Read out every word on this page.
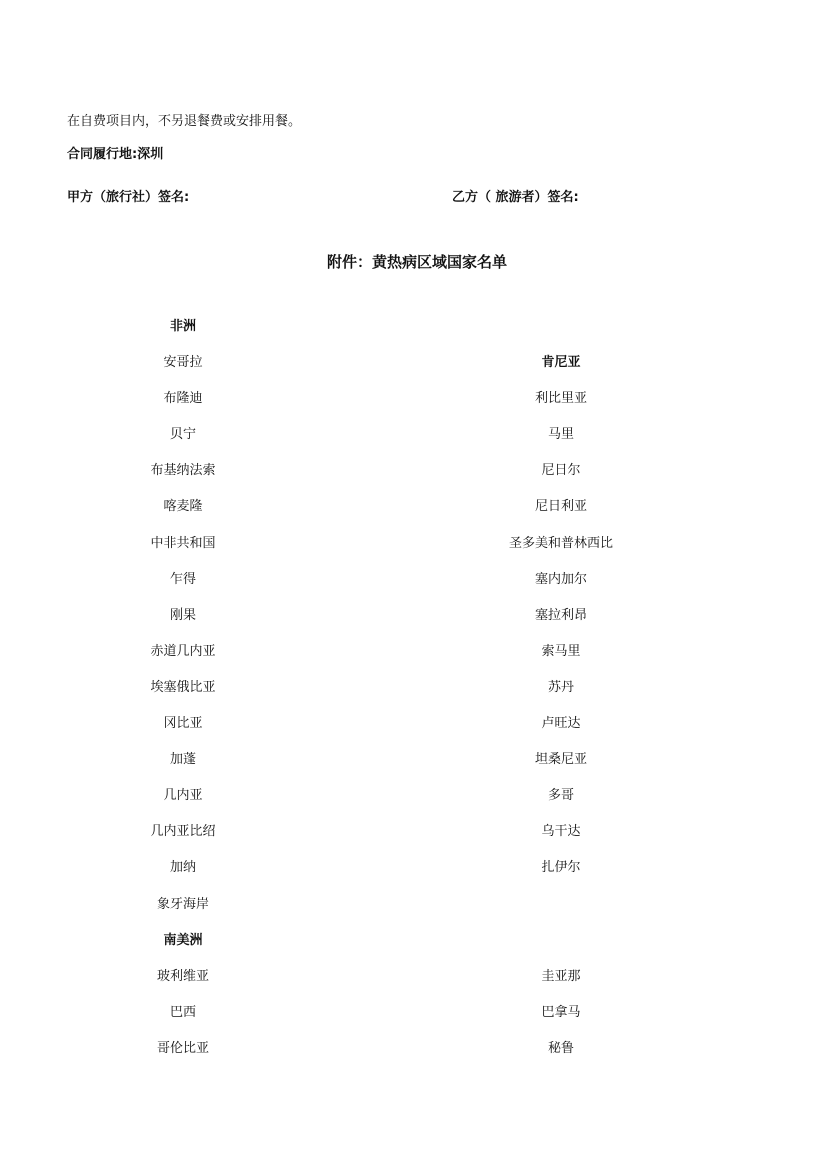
在自费项目内，不另退餐费或安排用餐。
合同履行地:深圳
甲方（旅行社）签名:	乙方（ 旅游者）签名:
附件：黄热病区域国家名单
非洲
安哥拉
布隆迪
贝宁
布基纳法索
喀麦隆
中非共和国
乍得
刚果
赤道几内亚
埃塞俄比亚
冈比亚
加蓬
几内亚
几内亚比绍
加纳
象牙海岸
南美洲
玻利维亚
巴西
哥伦比亚
肯尼亚
利比里亚
马里
尼日尔
尼日利亚
圣多美和普林西比
塞内加尔
塞拉利昂
索马里
苏丹
卢旺达
坦桑尼亚
多哥
乌干达
扎伊尔
圭亚那
巴拿马
秘鲁
